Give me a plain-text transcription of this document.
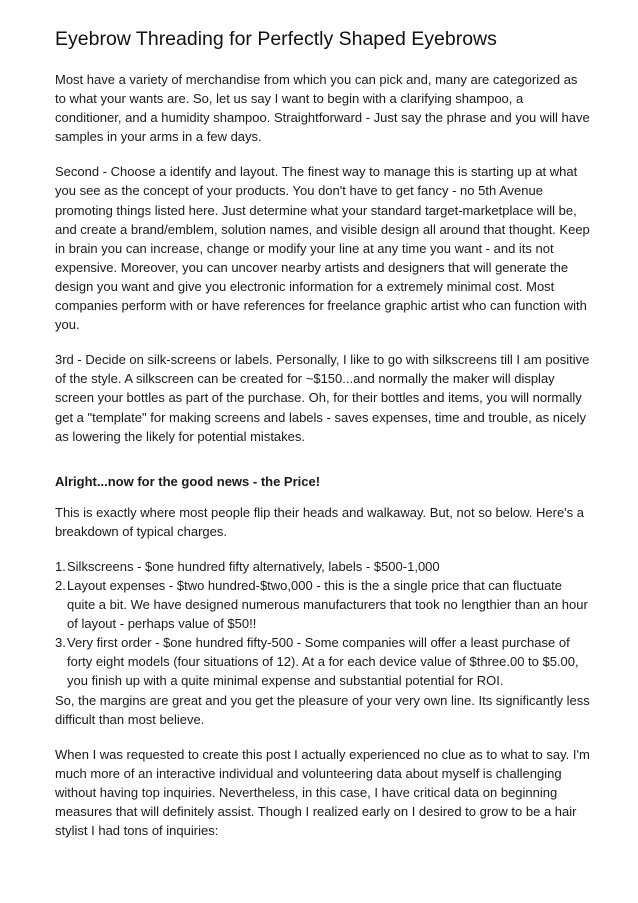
Eyebrow Threading for Perfectly Shaped Eyebrows

Most have a variety of merchandise from which you can pick and, many are categorized as to what your wants are. So, let us say I want to begin with a clarifying shampoo, a conditioner, and a humidity shampoo. Straightforward - Just say the phrase and you will have samples in your arms in a few days.

Second - Choose a identify and layout. The finest way to manage this is starting up at what you see as the concept of your products. You don't have to get fancy - no 5th Avenue promoting things listed here. Just determine what your standard target-marketplace will be, and create a brand/emblem, solution names, and visible design all around that thought. Keep in brain you can increase, change or modify your line at any time you want - and its not expensive. Moreover, you can uncover nearby artists and designers that will generate the design you want and give you electronic information for a extremely minimal cost. Most companies perform with or have references for freelance graphic artist who can function with you.

3rd - Decide on silk-screens or labels. Personally, I like to go with silkscreens till I am positive of the style. A silkscreen can be created for ~$150...and normally the maker will display screen your bottles as part of the purchase. Oh, for their bottles and items, you will normally get a "template" for making screens and labels - saves expenses, time and trouble, as nicely as lowering the likely for potential mistakes.

Alright...now for the good news - the Price!

This is exactly where most people flip their heads and walkaway. But, not so below. Here's a breakdown of typical charges.

1. Silkscreens - $one hundred fifty alternatively, labels - $500-1,000
2. Layout expenses - $two hundred-$two,000 - this is the a single price that can fluctuate quite a bit. We have designed numerous manufacturers that took no lengthier than an hour of layout - perhaps value of $50!!
3. Very first order - $one hundred fifty-500 - Some companies will offer a least purchase of forty eight models (four situations of 12). At a for each device value of $three.00 to $5.00, you finish up with a quite minimal expense and substantial potential for ROI.

So, the margins are great and you get the pleasure of your very own line. Its significantly less difficult than most believe.

When I was requested to create this post I actually experienced no clue as to what to say. I'm much more of an interactive individual and volunteering data about myself is challenging without having top inquiries. Nevertheless, in this case, I have critical data on beginning measures that will definitely assist. Though I realized early on I desired to grow to be a hair stylist I had tons of inquiries:
